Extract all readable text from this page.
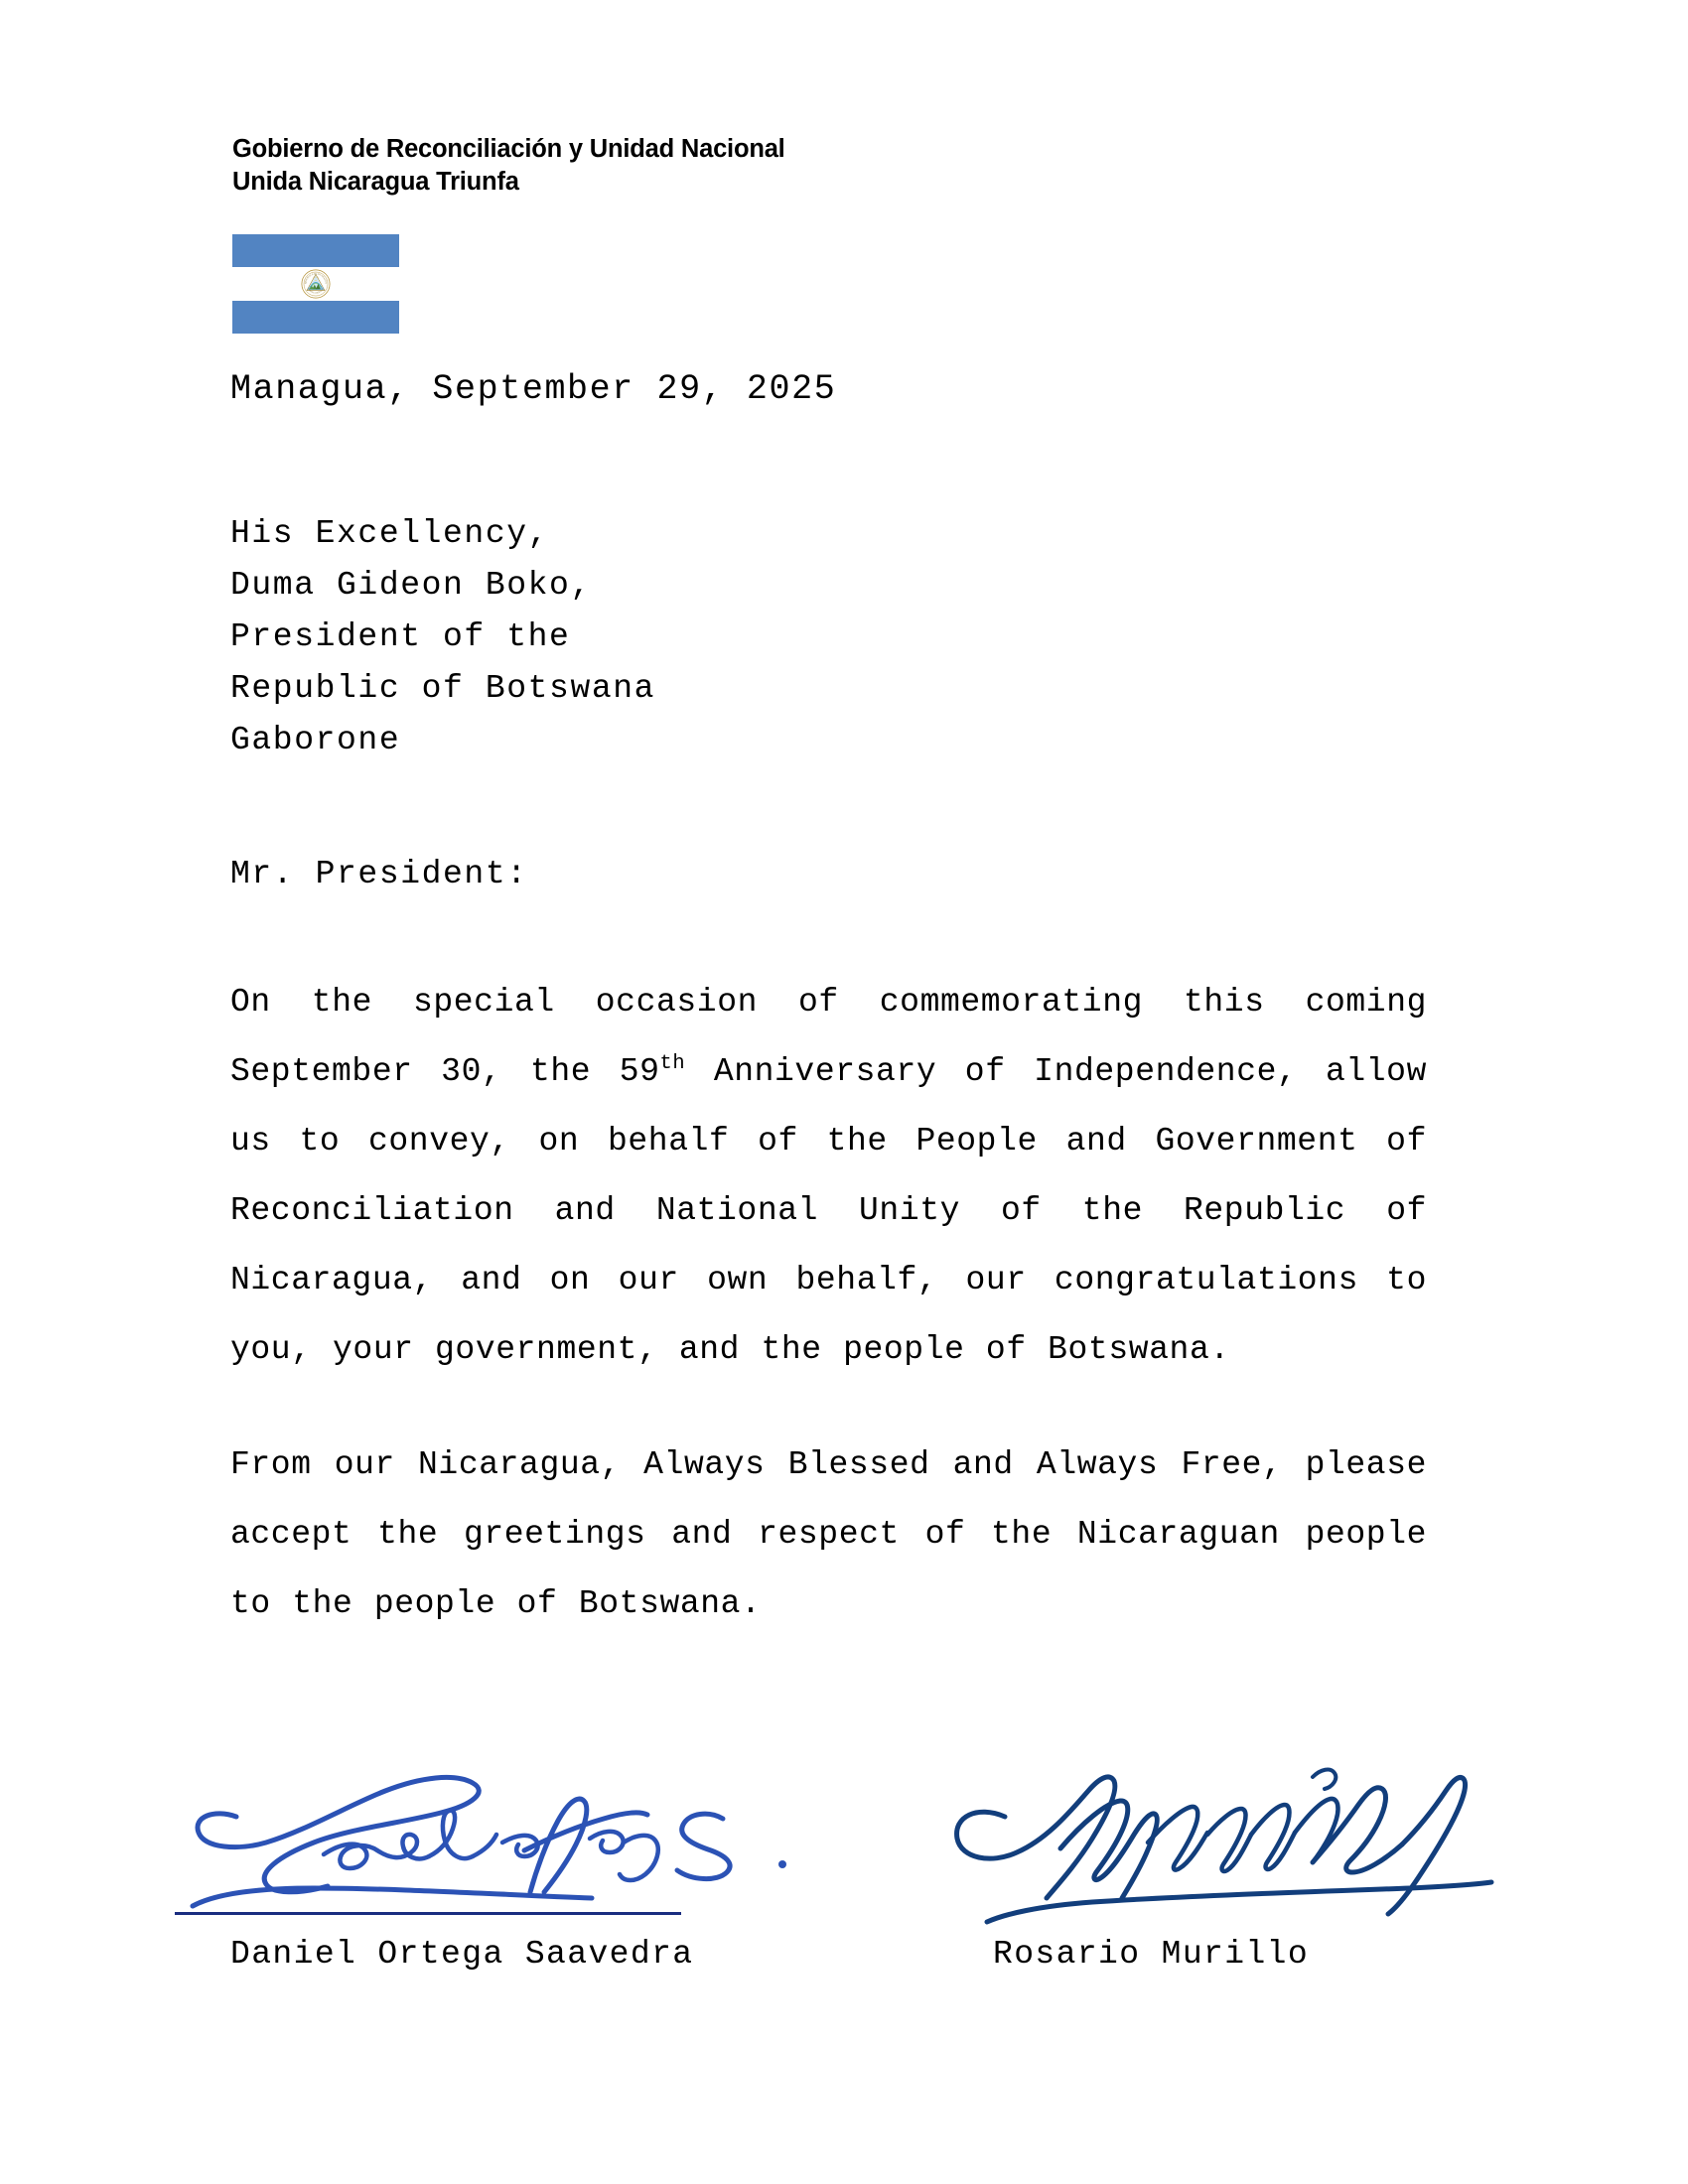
Gobierno de Reconciliación y Unidad Nacional
Unida Nicaragua Triunfa
REPUBLICA DE NICARAGUA
AMERICA CENTRAL
Managua, September 29, 2025
His Excellency,
Duma Gideon Boko,
President of the
Republic of Botswana
Gaborone
Mr. President:

On the special occasion of commemorating this coming September 30, the 59th Anniversary of Independence, allow us to convey, on behalf of the People and Government of Reconciliation and National Unity of the Republic of Nicaragua, and on our own behalf, our congratulations to you, your government, and the people of Botswana.

From our Nicaragua, Always Blessed and Always Free, please accept the greetings and respect of the Nicaraguan people to the people of Botswana.

Daniel Ortega Saavedra	Rosario Murillo
